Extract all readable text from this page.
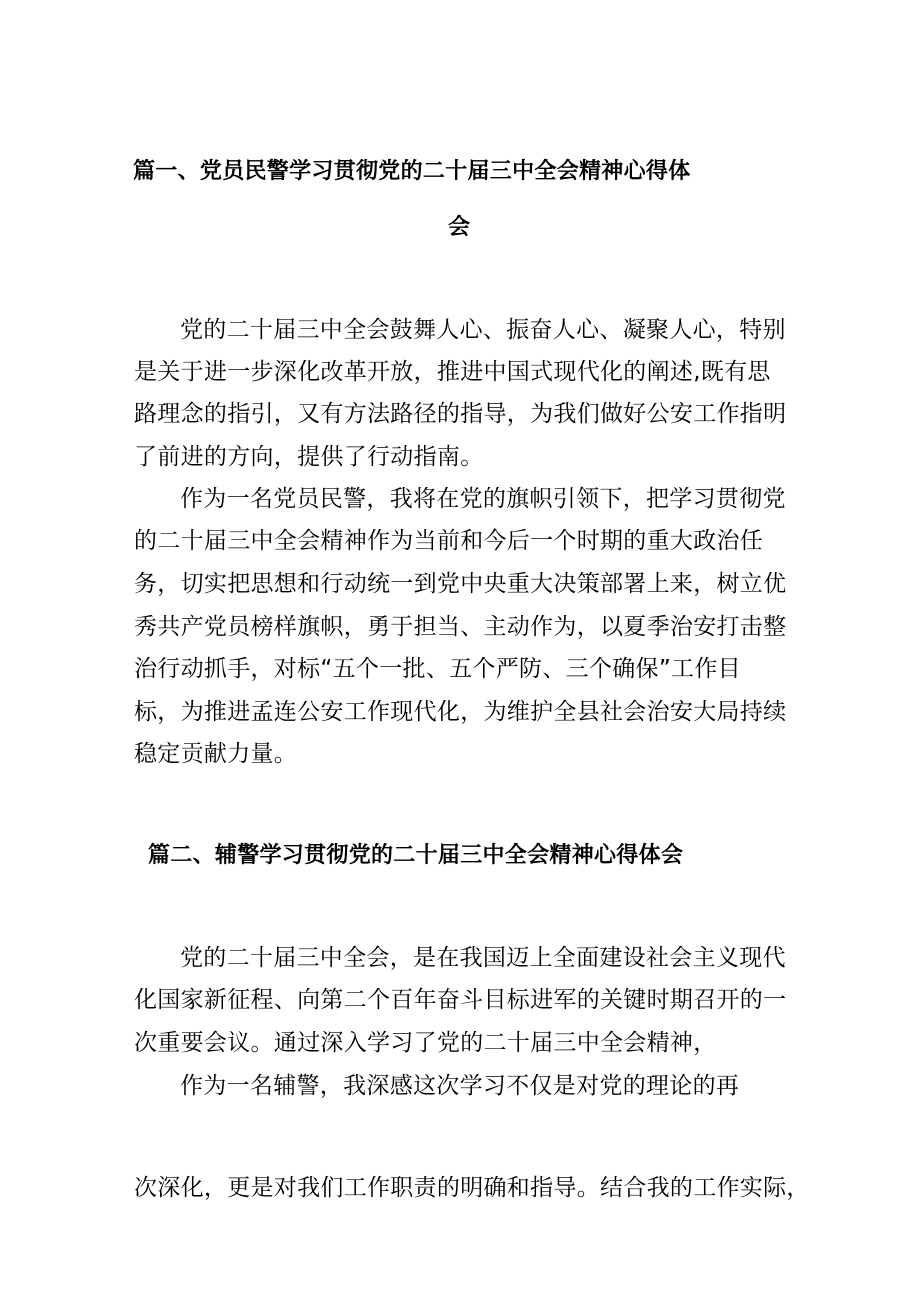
篇一、党员民警学习贯彻党的二十届三中全会精神心得体
会
党的二十届三中全会鼓舞人心、振奋人心、凝聚人心，特别
是关于进一步深化改革开放，推进中国式现代化的阐述,既有思
路理念的指引，又有方法路径的指导，为我们做好公安工作指明
了前进的方向，提供了行动指南。
作为一名党员民警，我将在党的旗帜引领下，把学习贯彻党
的二十届三中全会精神作为当前和今后一个时期的重大政治任
务，切实把思想和行动统一到党中央重大决策部署上来，树立优
秀共产党员榜样旗帜，勇于担当、主动作为，以夏季治安打击整
治行动抓手，对标“五个一批、五个严防、三个确保”工作目
标，为推进孟连公安工作现代化，为维护全县社会治安大局持续
稳定贡献力量。
篇二、辅警学习贯彻党的二十届三中全会精神心得体会
党的二十届三中全会，是在我国迈上全面建设社会主义现代
化国家新征程、向第二个百年奋斗目标进军的关键时期召开的一
次重要会议。通过深入学习了党的二十届三中全会精神，
作为一名辅警，我深感这次学习不仅是对党的理论的再
次深化，更是对我们工作职责的明确和指导。结合我的工作实际，
